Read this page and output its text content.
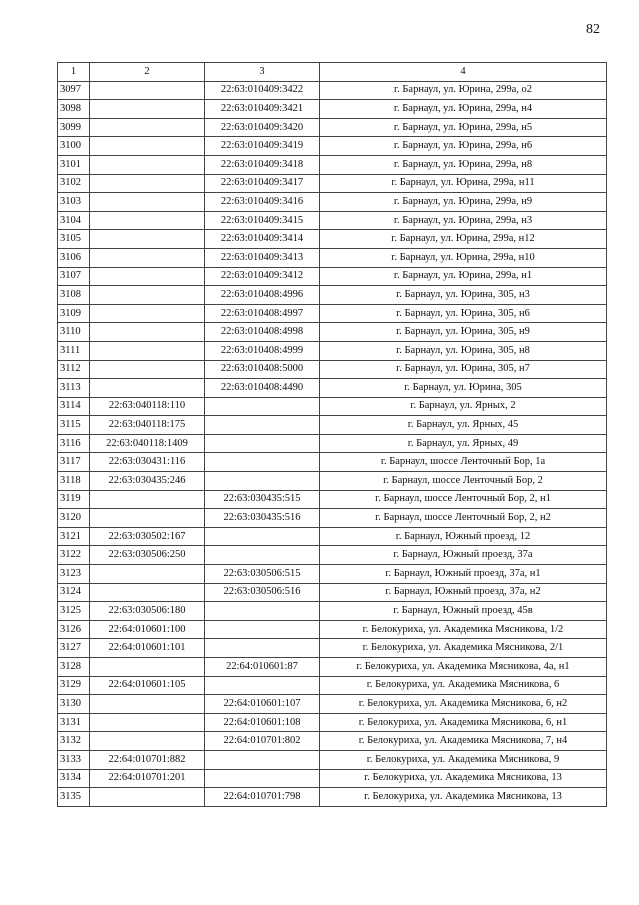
82
1	2	3	4
3097		22:63:010409:3422	г. Барнаул, ул. Юрина, 299а, о2
3098		22:63:010409:3421	г. Барнаул, ул. Юрина, 299а, н4
3099		22:63:010409:3420	г. Барнаул, ул. Юрина, 299а, н5
3100		22:63:010409:3419	г. Барнаул, ул. Юрина, 299а, н6
3101		22:63:010409:3418	г. Барнаул, ул. Юрина, 299а, н8
3102		22:63:010409:3417	г. Барнаул, ул. Юрина, 299а, н11
3103		22:63:010409:3416	г. Барнаул, ул. Юрина, 299а, н9
3104		22:63:010409:3415	г. Барнаул, ул. Юрина, 299а, н3
3105		22:63:010409:3414	г. Барнаул, ул. Юрина, 299а, н12
3106		22:63:010409:3413	г. Барнаул, ул. Юрина, 299а, н10
3107		22:63:010409:3412	г. Барнаул, ул. Юрина, 299а, н1
3108		22:63:010408:4996	г. Барнаул, ул. Юрина, 305, н3
3109		22:63:010408:4997	г. Барнаул, ул. Юрина, 305, н6
3110		22:63:010408:4998	г. Барнаул, ул. Юрина, 305, н9
3111		22:63:010408:4999	г. Барнаул, ул. Юрина, 305, н8
3112		22:63:010408:5000	г. Барнаул, ул. Юрина, 305, н7
3113		22:63:010408:4490	г. Барнаул, ул. Юрина, 305
3114	22:63:040118:110		г. Барнаул, ул. Ярных, 2
3115	22:63:040118:175		г. Барнаул, ул. Ярных, 45
3116	22:63:040118:1409		г. Барнаул, ул. Ярных, 49
3117	22:63:030431:116		г. Барнаул, шоссе Ленточный Бор, 1а
3118	22:63:030435:246		г. Барнаул, шоссе Ленточный Бор, 2
3119		22:63:030435:515	г. Барнаул, шоссе Ленточный Бор, 2, н1
3120		22:63:030435:516	г. Барнаул, шоссе Ленточный Бор, 2, н2
3121	22:63:030502:167		г. Барнаул, Южный проезд, 12
3122	22:63:030506:250		г. Барнаул, Южный проезд, 37а
3123		22:63:030506:515	г. Барнаул, Южный проезд, 37а, н1
3124		22:63:030506:516	г. Барнаул, Южный проезд, 37а, н2
3125	22:63:030506:180		г. Барнаул, Южный проезд, 45в
3126	22:64:010601:100		г. Белокуриха, ул. Академика Мясникова, 1/2
3127	22:64:010601:101		г. Белокуриха, ул. Академика Мясникова, 2/1
3128		22:64:010601:87	г. Белокуриха, ул. Академика Мясникова, 4а, н1
3129	22:64:010601:105		г. Белокуриха, ул. Академика Мясникова, 6
3130		22:64:010601:107	г. Белокуриха, ул. Академика Мясникова, 6, н2
3131		22:64:010601:108	г. Белокуриха, ул. Академика Мясникова, 6, н1
3132		22:64:010701:802	г. Белокуриха, ул. Академика Мясникова, 7, н4
3133	22:64:010701:882		г. Белокуриха, ул. Академика Мясникова, 9
3134	22:64:010701:201		г. Белокуриха, ул. Академика Мясникова, 13
3135		22:64:010701:798	г. Белокуриха, ул. Академика Мясникова, 13
